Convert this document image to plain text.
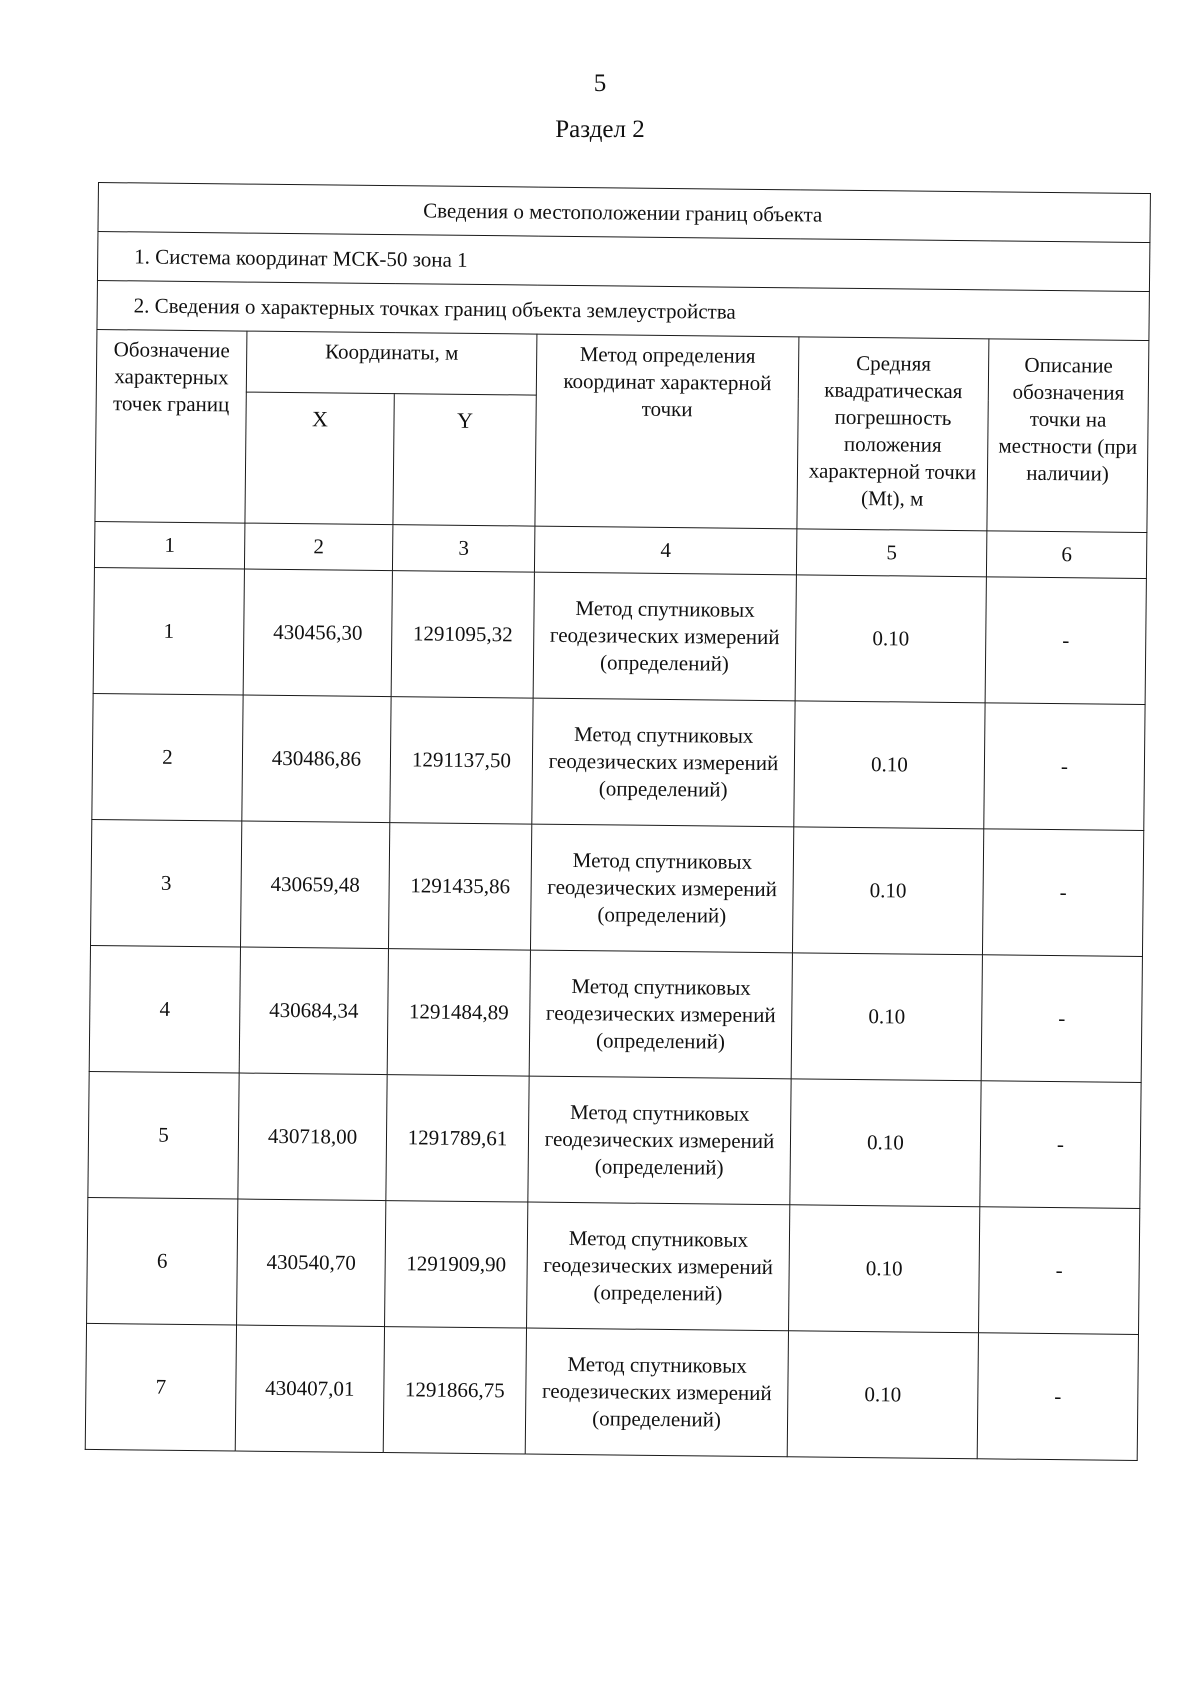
5
Раздел 2
Сведения о местоположении границ объекта					
1. Система координат МСК-50 зона 1					
2. Сведения о характерных точках границ объекта землеустройства					
Обозначение характерных точек границ	Координаты, м		Метод определения координат характерной точки	Средняя квадратическая погрешность положения характерной точки (Mt), м	Описание обозначения точки на местности (при наличии)
	X	Y			
1	2	3	4	5	6
1	430456,30	1291095,32	Метод спутниковых геодезических измерений (определений)	0.10	-
2	430486,86	1291137,50	Метод спутниковых геодезических измерений (определений)	0.10	-
3	430659,48	1291435,86	Метод спутниковых геодезических измерений (определений)	0.10	-
4	430684,34	1291484,89	Метод спутниковых геодезических измерений (определений)	0.10	-
5	430718,00	1291789,61	Метод спутниковых геодезических измерений (определений)	0.10	-
6	430540,70	1291909,90	Метод спутниковых геодезических измерений (определений)	0.10	-
7	430407,01	1291866,75	Метод спутниковых геодезических измерений (определений)	0.10	-
